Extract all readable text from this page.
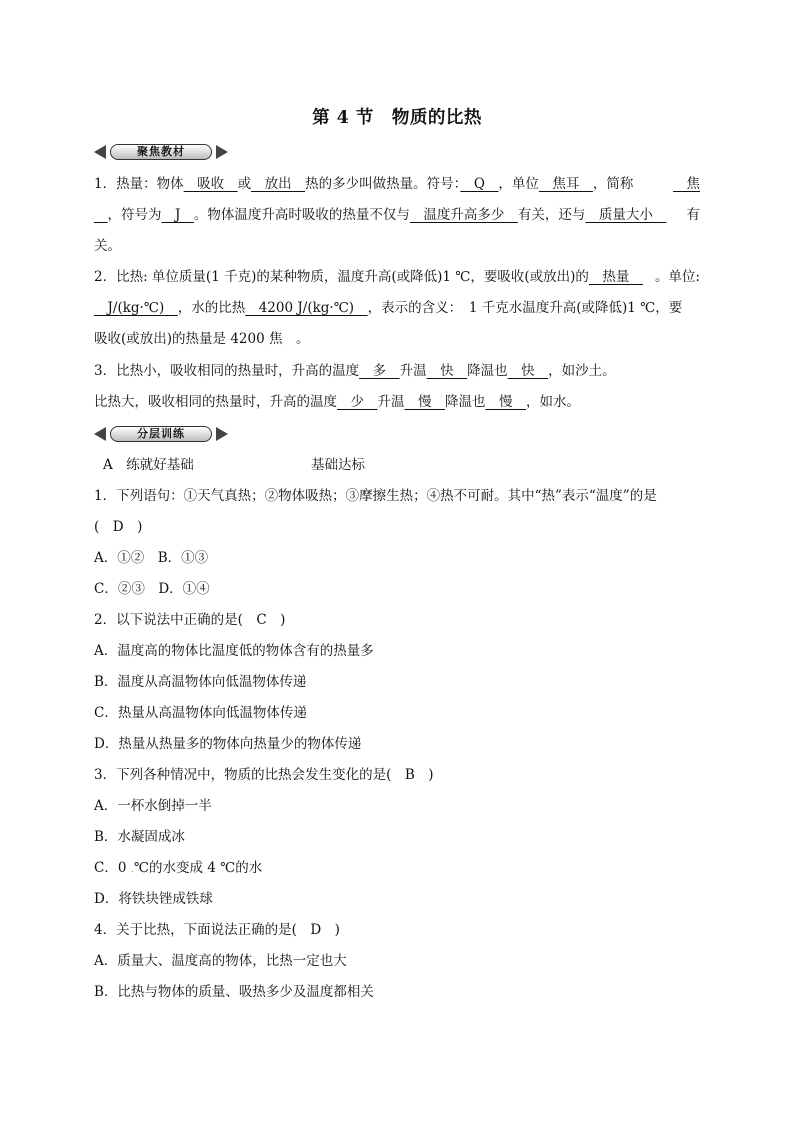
第 4 节　物质的比热
聚焦教材
1．热量：物体　吸收　或　放出　热的多少叫做热量。符号：　Q　，单位　焦耳　，简称	　焦
　，符号为　J　。物体温度升高时吸收的热量不仅与　温度升高多少　有关，还与　质量大小　 有
关。
2．比热: 单位质量(1 千克)的某种物质，温度升高(或降低)1 ℃，要吸收(或放出)的　热量　 。单位:
　J/(kg·℃)　，水的比热　4200 J/(kg·℃)　，表示的含义：　1 千克水温度升高(或降低)1 ℃，要
吸收(或放出)的热量是 4200 焦　。
3．比热小，吸收相同的热量时，升高的温度　多　升温　快　降温也　快　，如沙土。
比热大，吸收相同的热量时，升高的温度　少　升温　慢　降温也　慢　，如水。
分层训练
A　练就好基础	基础达标
1．下列语句：①天气真热；②物体吸热；③摩擦生热；④热不可耐。其中“热”表示“温度”的是
(　D　)
A．①②　B．①③
C．②③　D．①④
2．以下说法中正确的是(　C　)
A．温度高的物体比温度低的物体含有的热量多
B．温度从高温物体向低温物体传递
C．热量从高温物体向低温物体传递
D．热量从热量多的物体向热量少的物体传递
3．下列各种情况中，物质的比热会发生变化的是(　B　)
A．一杯水倒掉一半
B．水凝固成冰
C．0 .℃的水变成 4 ℃的水
D．将铁块锉成铁球
4．关于比热，下面说法正确的是(　D　)
A．质量大、温度高的物体，比热一定也大
B．比热与物体的质量、吸热多少及温度都相关
